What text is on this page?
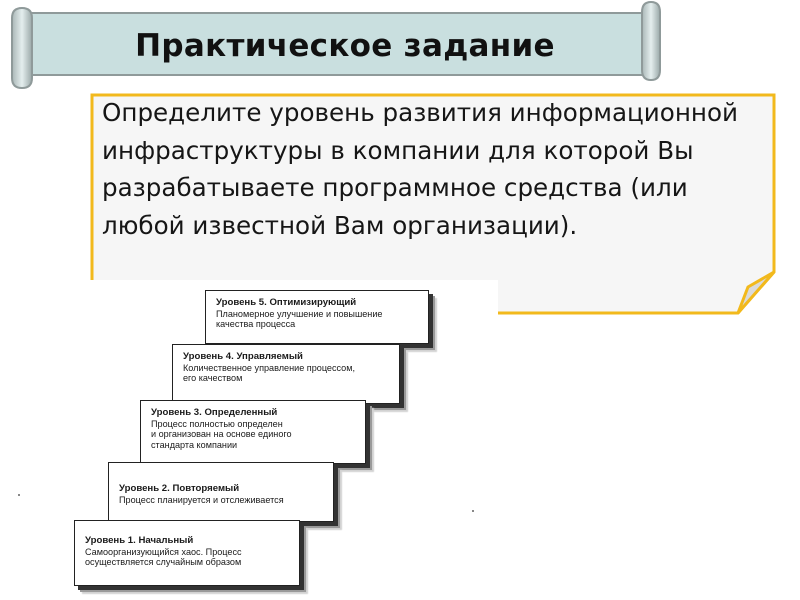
Практическое задание
Определите уровень развития информационной инфраструктуры в компании для которой Вы разрабатываете программное средства (или любой известной Вам организации).
Уровень 5. Оптимизирующий
Планомерное улучшение и повышение
качества процесса
Уровень 4. Управляемый
Количественное управление процессом,
его качеством
Уровень 3. Определенный
Процесс полностью определен
и организован на основе единого
стандарта компании
Уровень 2. Повторяемый
Процесс планируется и отслеживается
Уровень 1. Начальный
Самоорганизующийся хаос. Процесс
осуществляется случайным образом
